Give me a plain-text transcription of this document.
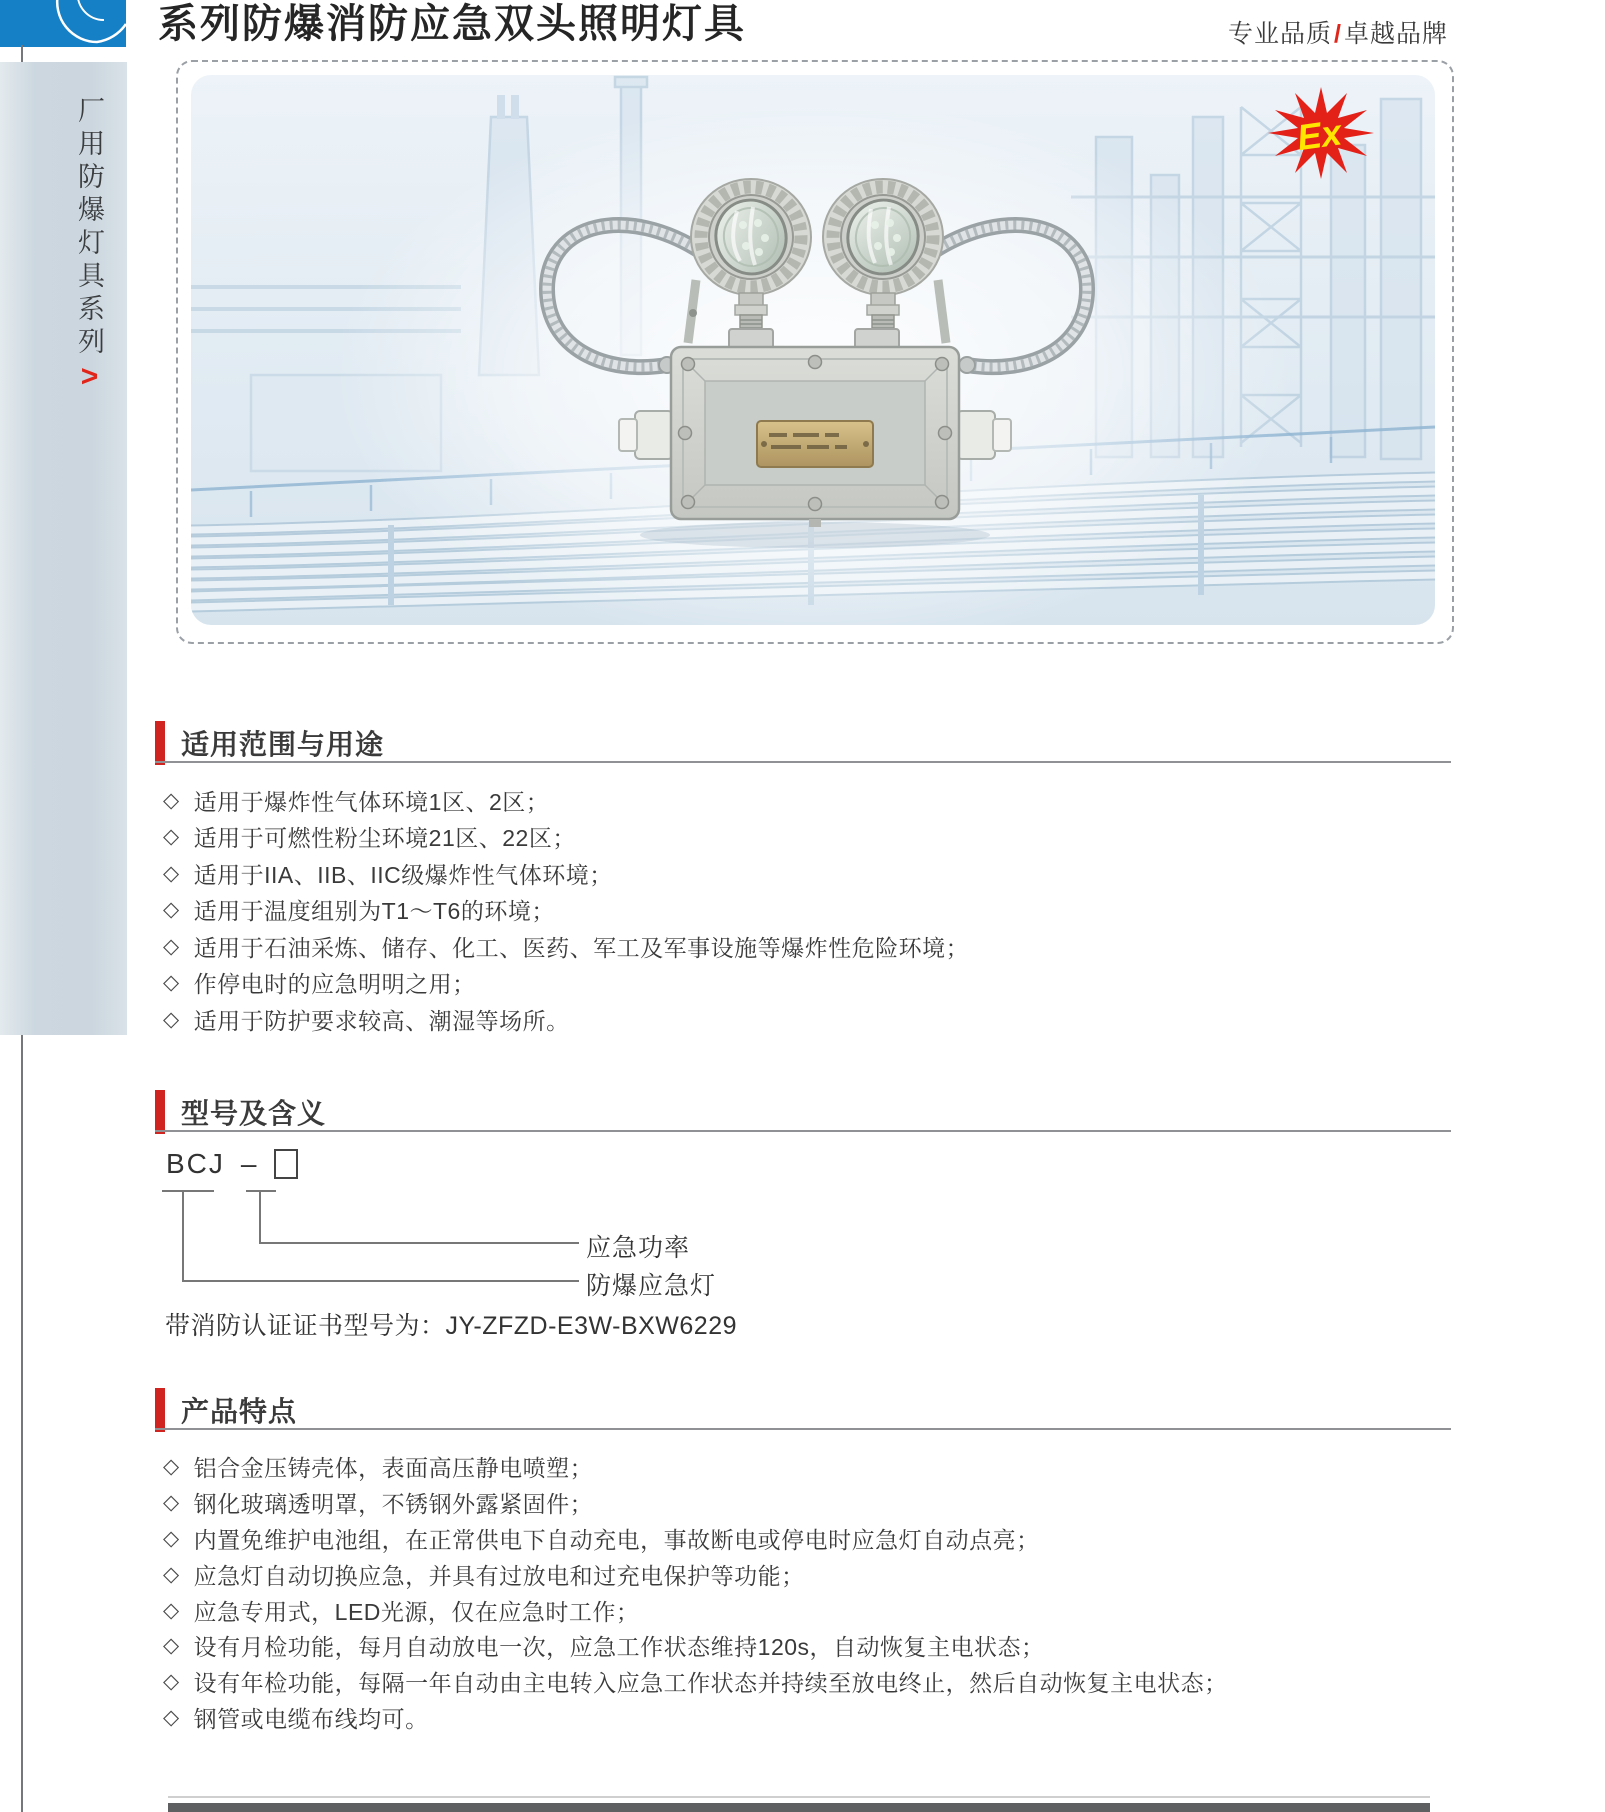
厂用防爆灯具系列>
系列防爆消防应急双头照明灯具	专业品质/卓越品牌
Ex
适用范围与用途
◇ 适用于爆炸性气体环境1区、2区；
◇ 适用于可燃性粉尘环境21区、22区；
◇ 适用于IIA、IIB、IIC级爆炸性气体环境；
◇ 适用于温度组别为T1～T6的环境；
◇ 适用于石油采炼、储存、化工、医药、军工及军事设施等爆炸性危险环境；
◇ 作停电时的应急明明之用；
◇ 适用于防护要求较高、潮湿等场所。
型号及含义
BCJ –
应急功率
防爆应急灯
带消防认证证书型号为：JY-ZFZD-E3W-BXW6229
产品特点
◇ 铝合金压铸壳体，表面高压静电喷塑；
◇ 钢化玻璃透明罩，不锈钢外露紧固件；
◇ 内置免维护电池组，在正常供电下自动充电，事故断电或停电时应急灯自动点亮；
◇ 应急灯自动切换应急，并具有过放电和过充电保护等功能；
◇ 应急专用式，LED光源，仅在应急时工作；
◇ 设有月检功能，每月自动放电一次，应急工作状态维持120s，自动恢复主电状态；
◇ 设有年检功能，每隔一年自动由主电转入应急工作状态并持续至放电终止，然后自动恢复主电状态；
◇ 钢管或电缆布线均可。
